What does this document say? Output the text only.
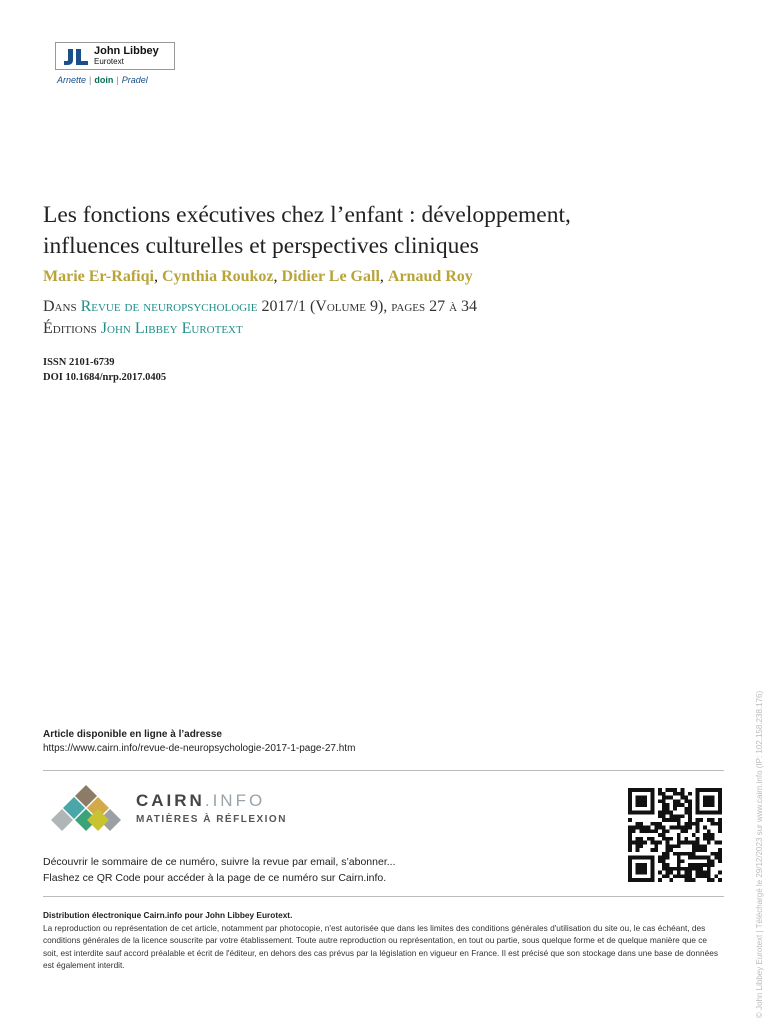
John Libbey
Eurotext
Arnette | doin | Pradel
Les fonctions exécutives chez l’enfant : développement,
influences culturelles et perspectives cliniques
Marie Er-Rafiqi, Cynthia Roukoz, Didier Le Gall, Arnaud Roy
Dans Revue de neuropsychologie 2017/1 (Volume 9), pages 27 à 34
Éditions John Libbey Eurotext
ISSN 2101-6739
DOI 10.1684/nrp.2017.0405
Article disponible en ligne à l’adresse
https://www.cairn.info/revue-de-neuropsychologie-2017-1-page-27.htm
CAIRN.INFO
MATIÈRES À RÉFLEXION
Découvrir le sommaire de ce numéro, suivre la revue par email, s’abonner...
Flashez ce QR Code pour accéder à la page de ce numéro sur Cairn.info.
Distribution électronique Cairn.info pour John Libbey Eurotext.
La reproduction ou représentation de cet article, notamment par photocopie, n'est autorisée que dans les limites des conditions générales d'utilisation du site ou, le cas échéant, des conditions générales de la licence souscrite par votre établissement. Toute autre reproduction ou représentation, en tout ou partie, sous quelque forme et de quelque manière que ce soit, est interdite sauf accord préalable et écrit de l'éditeur, en dehors des cas prévus par la législation en vigueur en France. Il est précisé que son stockage dans une base de données est également interdit.	© John Libbey Eurotext | Téléchargé le 29/12/2023 sur www.cairn.info (IP: 102.158.238.176)
